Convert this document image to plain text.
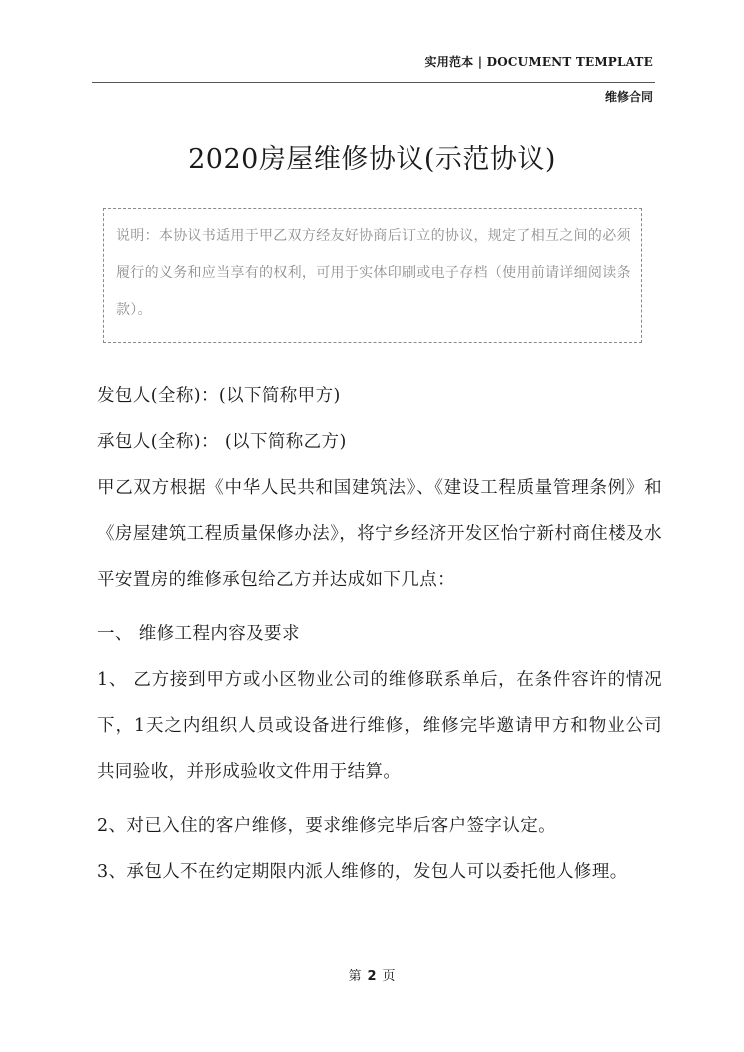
实用范本 | DOCUMENT TEMPLATE
维修合同
2020房屋维修协议(示范协议)

说明：本协议书适用于甲乙双方经友好协商后订立的协议，规定了相互之间的必须履行的义务和应当享有的权利，可用于实体印刷或电子存档（使用前请详细阅读条款）。

发包人(全称)：(以下简称甲方)

承包人(全称)： (以下简称乙方)

甲乙双方根据《中华人民共和国建筑法》、《建设工程质量管理条例》和《房屋建筑工程质量保修办法》，将宁乡经济开发区怡宁新村商住楼及水平安置房的维修承包给乙方并达成如下几点：

一、 维修工程内容及要求

1、 乙方接到甲方或小区物业公司的维修联系单后，在条件容许的情况下，1天之内组织人员或设备进行维修，维修完毕邀请甲方和物业公司共同验收，并形成验收文件用于结算。

2、对已入住的客户维修，要求维修完毕后客户签字认定。

3、承包人不在约定期限内派人维修的，发包人可以委托他人修理。

第 2 页
